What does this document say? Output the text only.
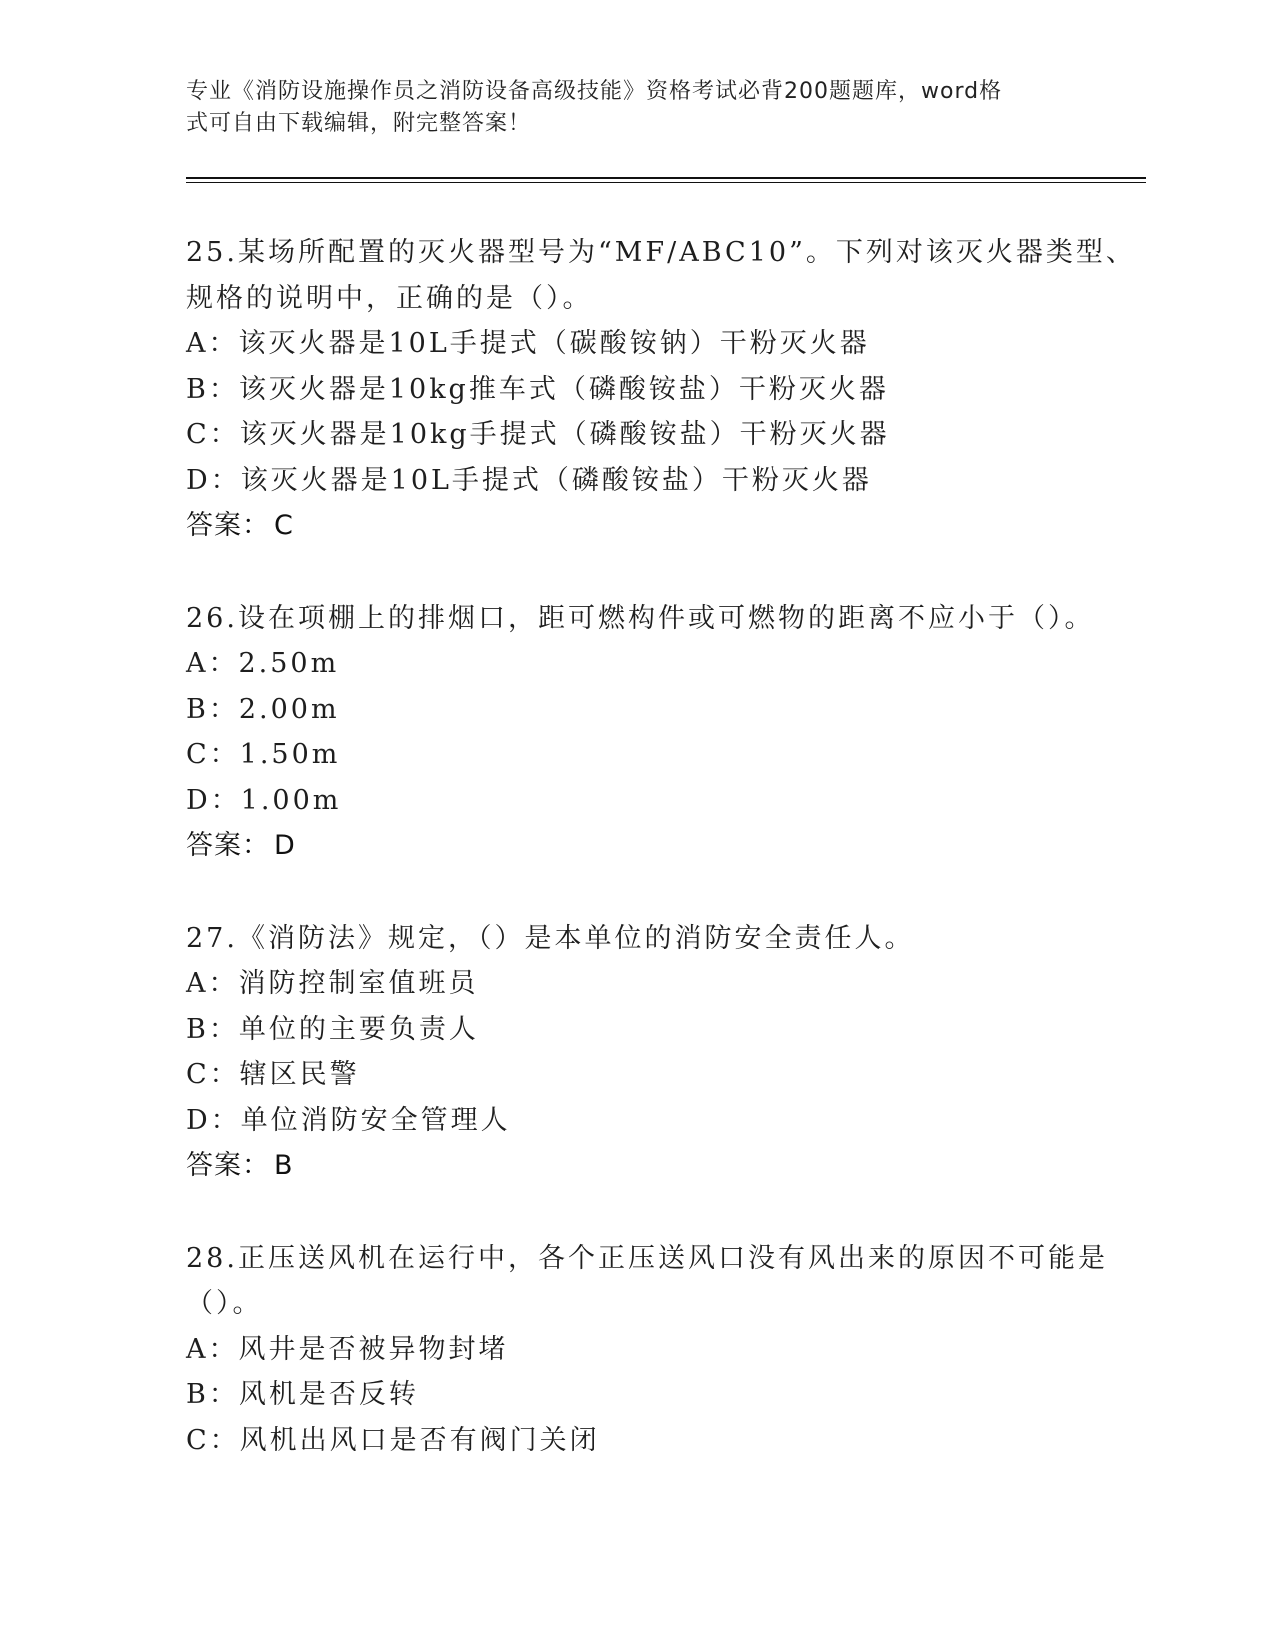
专业《消防设施操作员之消防设备高级技能》资格考试必背200题题库，word格
式可自由下载编辑，附完整答案！
25.某场所配置的灭火器型号为“MF/ABC10”。下列对该灭火器类型、
规格的说明中，正确的是（）。
A：该灭火器是10L手提式（碳酸铵钠）干粉灭火器
B：该灭火器是10kg推车式（磷酸铵盐）干粉灭火器
C：该灭火器是10kg手提式（磷酸铵盐）干粉灭火器
D：该灭火器是10L手提式（磷酸铵盐）干粉灭火器
答案： C
26.设在项棚上的排烟口，距可燃构件或可燃物的距离不应小于（）。
A：2.50m
B：2.00m
C：1.50m
D：1.00m
答案： D
27.《消防法》规定，（）是本单位的消防安全责任人。
A：消防控制室值班员
B：单位的主要负责人
C：辖区民警
D：单位消防安全管理人
答案： B
28.正压送风机在运行中，各个正压送风口没有风出来的原因不可能是
（）。
A：风井是否被异物封堵
B：风机是否反转
C：风机出风口是否有阀门关闭
